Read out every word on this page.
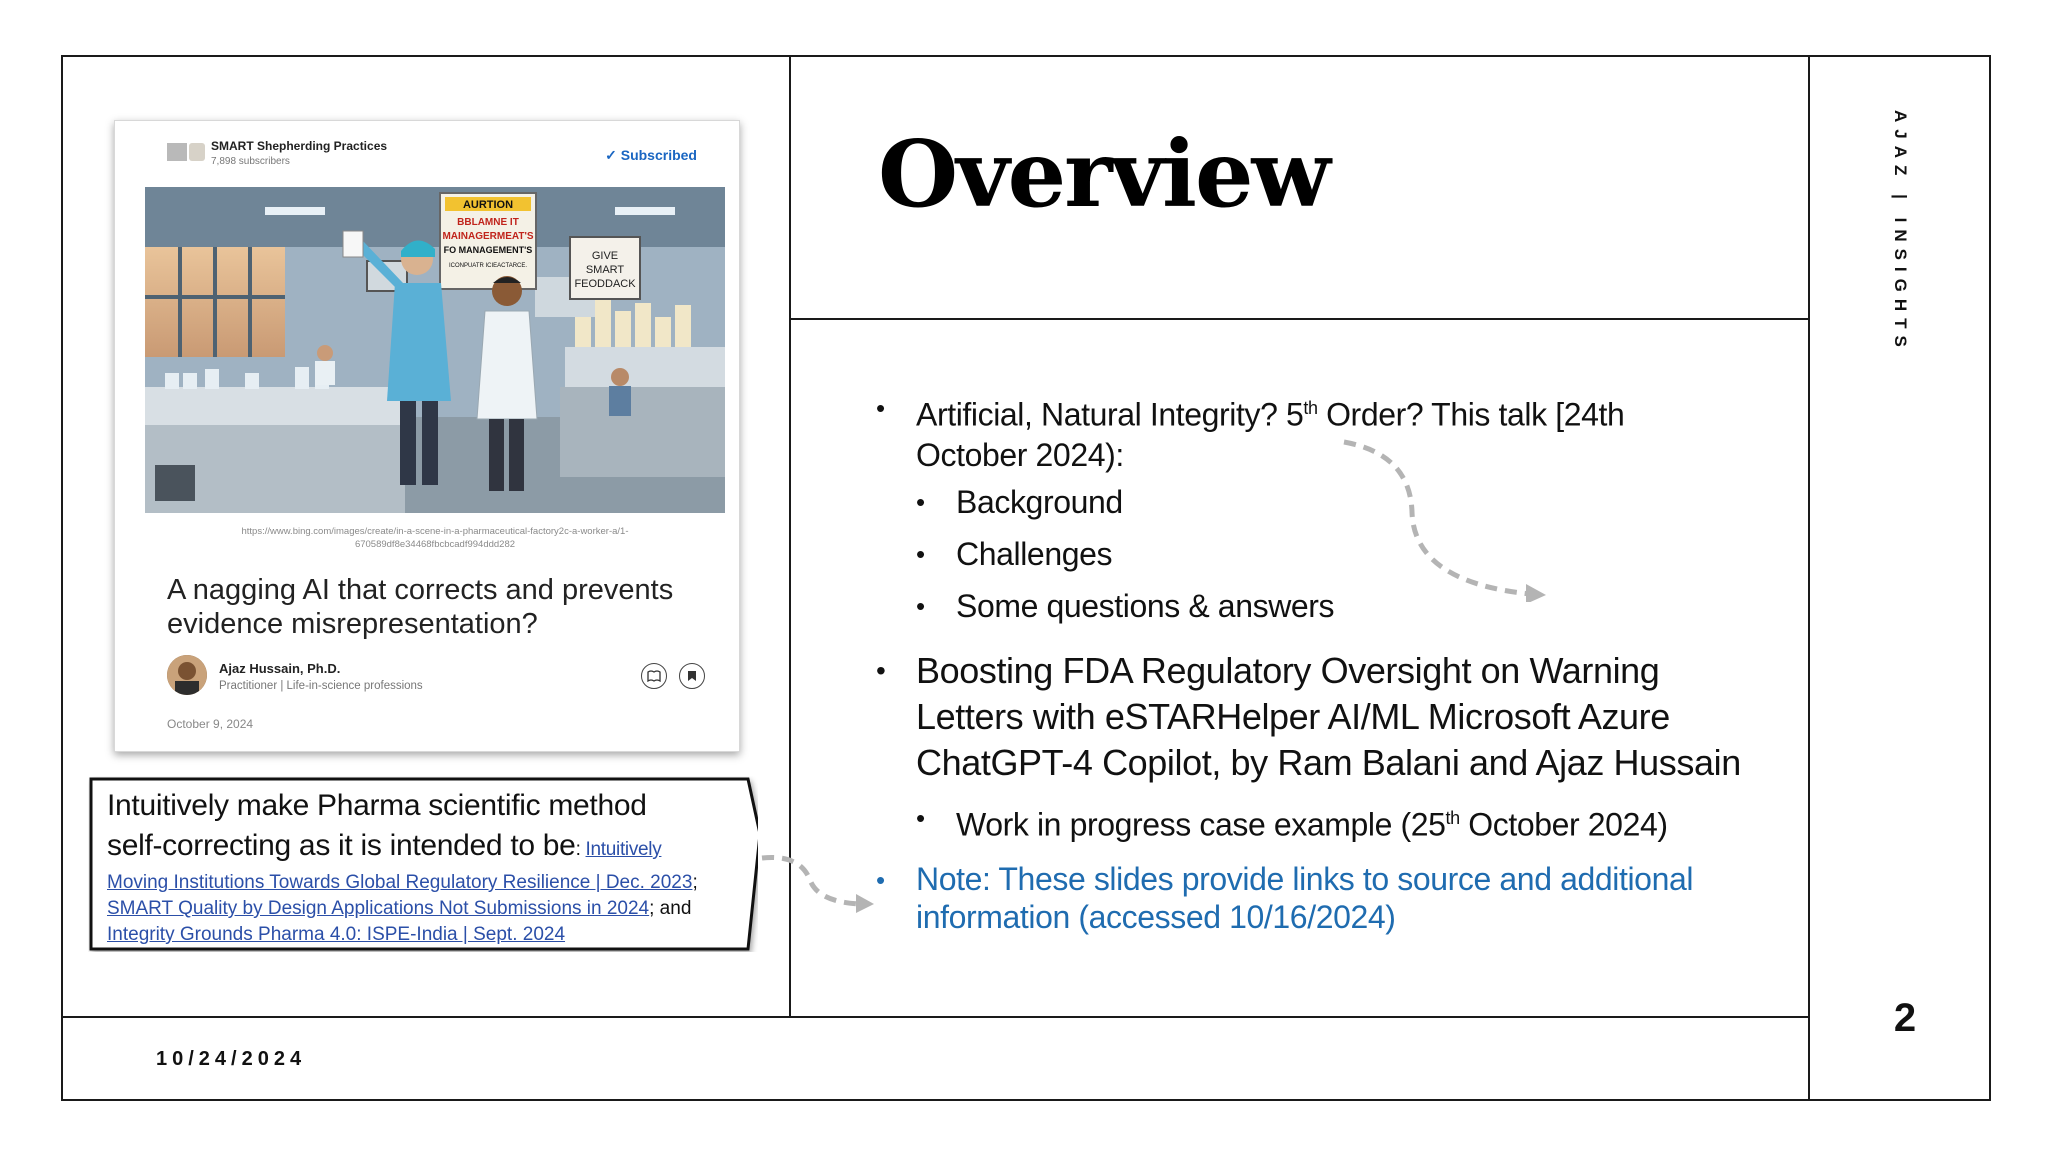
SMART Shepherding Practices
7,898 subscribers	✓ Subscribed
AURTION
BBLAMNE IT
MAINAGERMEAT'S
FO MANAGEMENT'S
ICONPUATR ICIEACTARCE.
GIVE
SMART
FEODDACK
https://www.bing.com/images/create/in-a-scene-in-a-pharmaceutical-factory2c-a-worker-a/1-
670589df8e34468fbcbcadf994ddd282
A nagging AI that corrects and prevents evidence misrepresentation?
Ajaz Hussain, Ph.D.
Practitioner | Life-in-science professions
October 9, 2024
Intuitively make Pharma scientific method
self-correcting as it is intended to be: Intuitively
Moving Institutions Towards Global Regulatory Resilience | Dec. 2023;
SMART Quality by Design Applications Not Submissions in 2024; and
Integrity Grounds Pharma 4.0: ISPE-India | Sept. 2024
Overview
• Artificial, Natural Integrity? 5th Order? This talk [24th
October 2024):
• Background
• Challenges
• Some questions & answers
• Boosting FDA Regulatory Oversight on Warning
Letters with eSTARHelper AI/ML Microsoft Azure
ChatGPT-4 Copilot, by Ram Balani and Ajaz Hussain
• Work in progress case example (25th October 2024)
• Note: These slides provide links to source and additional
information (accessed 10/16/2024)
AJAZ | INSIGHTS
2
10/24/2024
